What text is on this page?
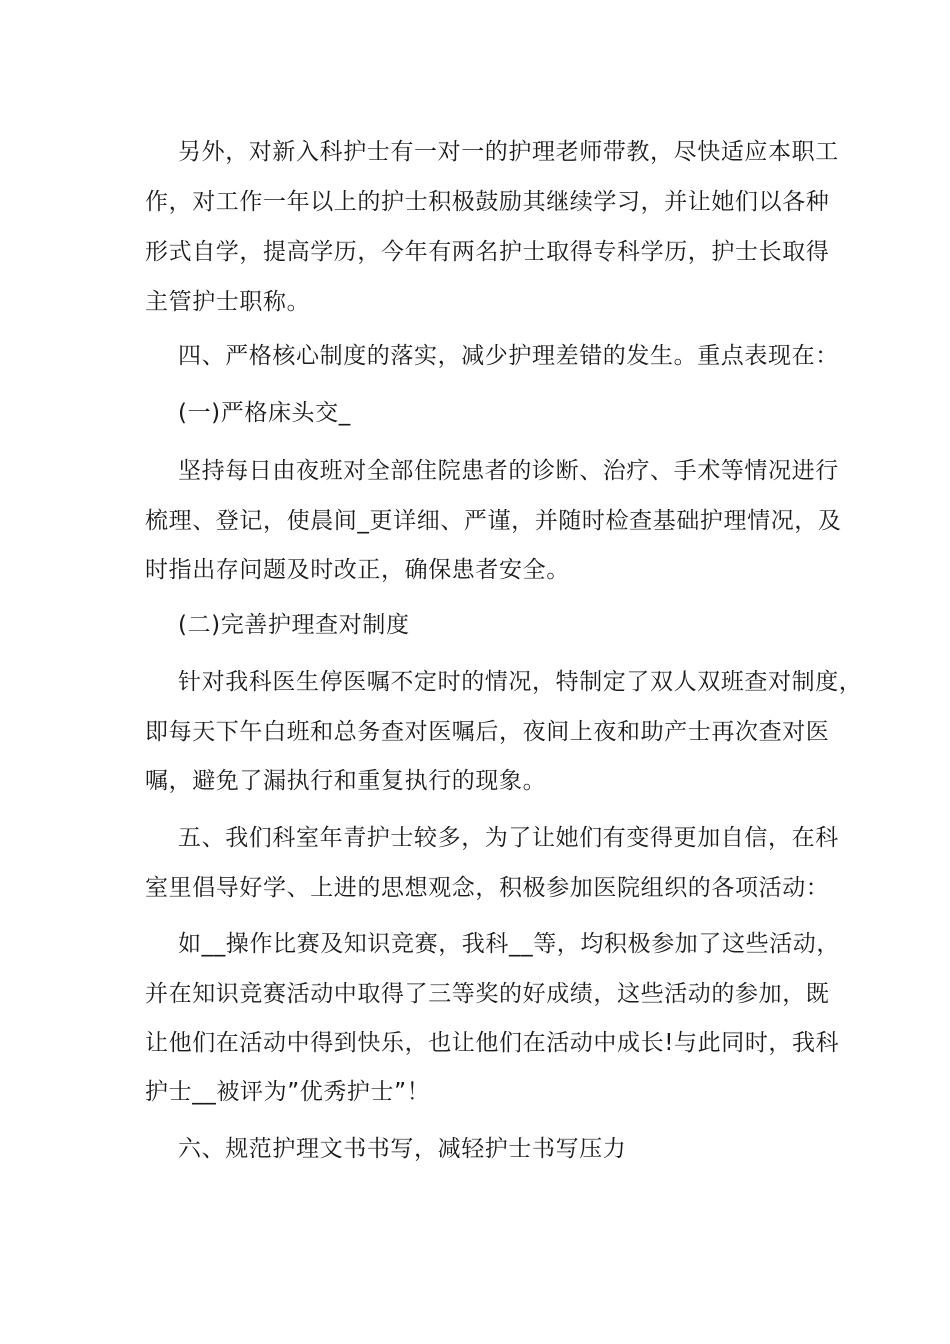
另外，对新入科护士有一对一的护理老师带教，尽快适应本职工
作，对工作一年以上的护士积极鼓励其继续学习，并让她们以各种
形式自学，提高学历，今年有两名护士取得专科学历，护士长取得
主管护士职称。
四、严格核心制度的落实，减少护理差错的发生。重点表现在：
(一)严格床头交_
坚持每日由夜班对全部住院患者的诊断、治疗、手术等情况进行
梳理、登记，使晨间_更详细、严谨，并随时检查基础护理情况，及
时指出存问题及时改正，确保患者安全。
(二)完善护理查对制度
针对我科医生停医嘱不定时的情况，特制定了双人双班查对制度，
即每天下午白班和总务查对医嘱后，夜间上夜和助产士再次查对医
嘱，避免了漏执行和重复执行的现象。
五、我们科室年青护士较多，为了让她们有变得更加自信，在科
室里倡导好学、上进的思想观念，积极参加医院组织的各项活动：
如__操作比赛及知识竞赛，我科__等，均积极参加了这些活动，
并在知识竞赛活动中取得了三等奖的好成绩，这些活动的参加，既
让他们在活动中得到快乐，也让他们在活动中成长!与此同时，我科
护士__被评为”优秀护士”！
六、规范护理文书书写，减轻护士书写压力
